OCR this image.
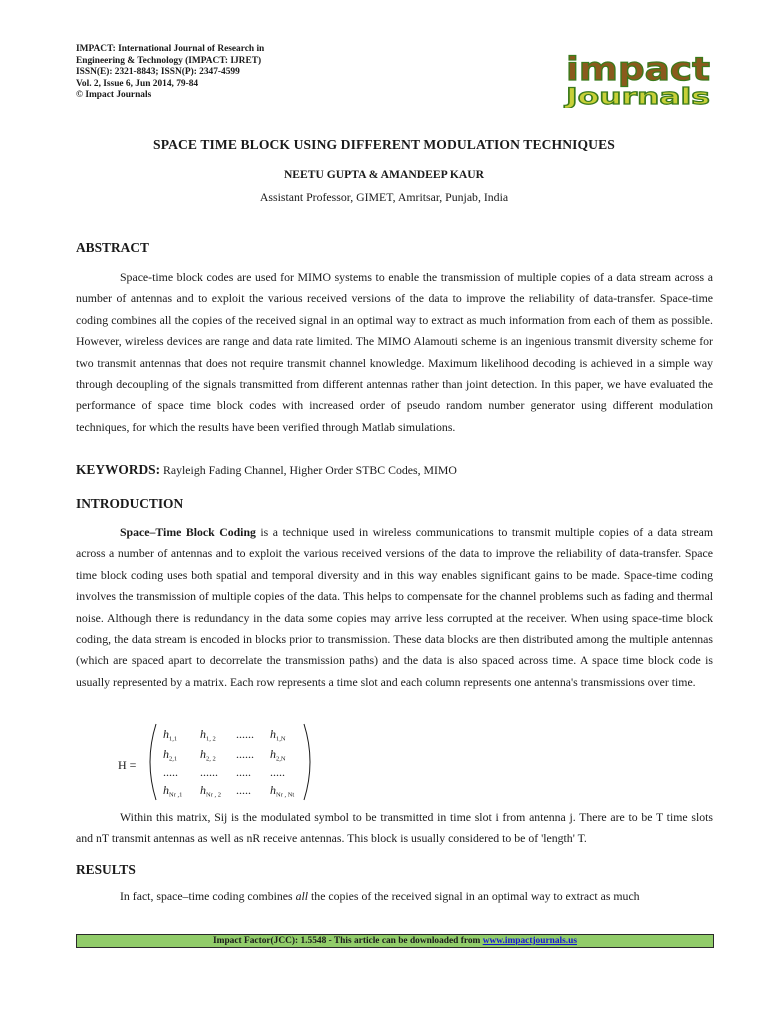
IMPACT: International Journal of Research in
Engineering & Technology (IMPACT: IJRET)
ISSN(E): 2321-8843; ISSN(P): 2347-4599
Vol. 2, Issue 6, Jun 2014, 79-84
© Impact Journals
impact
Journals
SPACE TIME BLOCK USING DIFFERENT MODULATION TECHNIQUES
NEETU GUPTA & AMANDEEP KAUR
Assistant Professor, GIMET, Amritsar, Punjab, India
ABSTRACT
Space-time block codes are used for MIMO systems to enable the transmission of multiple copies of a data stream across a number of antennas and to exploit the various received versions of the data to improve the reliability of data-transfer. Space-time coding combines all the copies of the received signal in an optimal way to extract as much information from each of them as possible. However, wireless devices are range and data rate limited. The MIMO Alamouti scheme is an ingenious transmit diversity scheme for two transmit antennas that does not require transmit channel knowledge. Maximum likelihood decoding is achieved in a simple way through decoupling of the signals transmitted from different antennas rather than joint detection. In this paper, we have evaluated the performance of space time block codes with increased order of pseudo random number generator using different modulation techniques, for which the results have been verified through Matlab simulations.
KEYWORDS: Rayleigh Fading Channel, Higher Order STBC Codes, MIMO
INTRODUCTION
Space–Time Block Coding is a technique used in wireless communications to transmit multiple copies of a data stream across a number of antennas and to exploit the various received versions of the data to improve the reliability of data-transfer. Space time block coding uses both spatial and temporal diversity and in this way enables significant gains to be made. Space-time coding involves the transmission of multiple copies of the data. This helps to compensate for the channel problems such as fading and thermal noise. Although there is redundancy in the data some copies may arrive less corrupted at the receiver. When using space-time block coding, the data stream is encoded in blocks prior to transmission. These data blocks are then distributed among the multiple antennas (which are spaced apart to decorrelate the transmission paths) and the data is also spaced across time. A space time block code is usually represented by a matrix. Each row represents a time slot and each column represents one antenna's transmissions over time.
H =
h1,1 h1, 2 ...... h1,N
h2,1 h2, 2 ...... h2,N
..... ...... ..... .....
hNr ,1 hNr , 2 ..... hNr , Nt
Within this matrix, Sij is the modulated symbol to be transmitted in time slot i from antenna j. There are to be T time slots and nT transmit antennas as well as nR receive antennas. This block is usually considered to be of 'length' T.
RESULTS
In fact, space–time coding combines all the copies of the received signal in an optimal way to extract as much
Impact Factor(JCC): 1.5548 - This article can be downloaded from www.impactjournals.us
